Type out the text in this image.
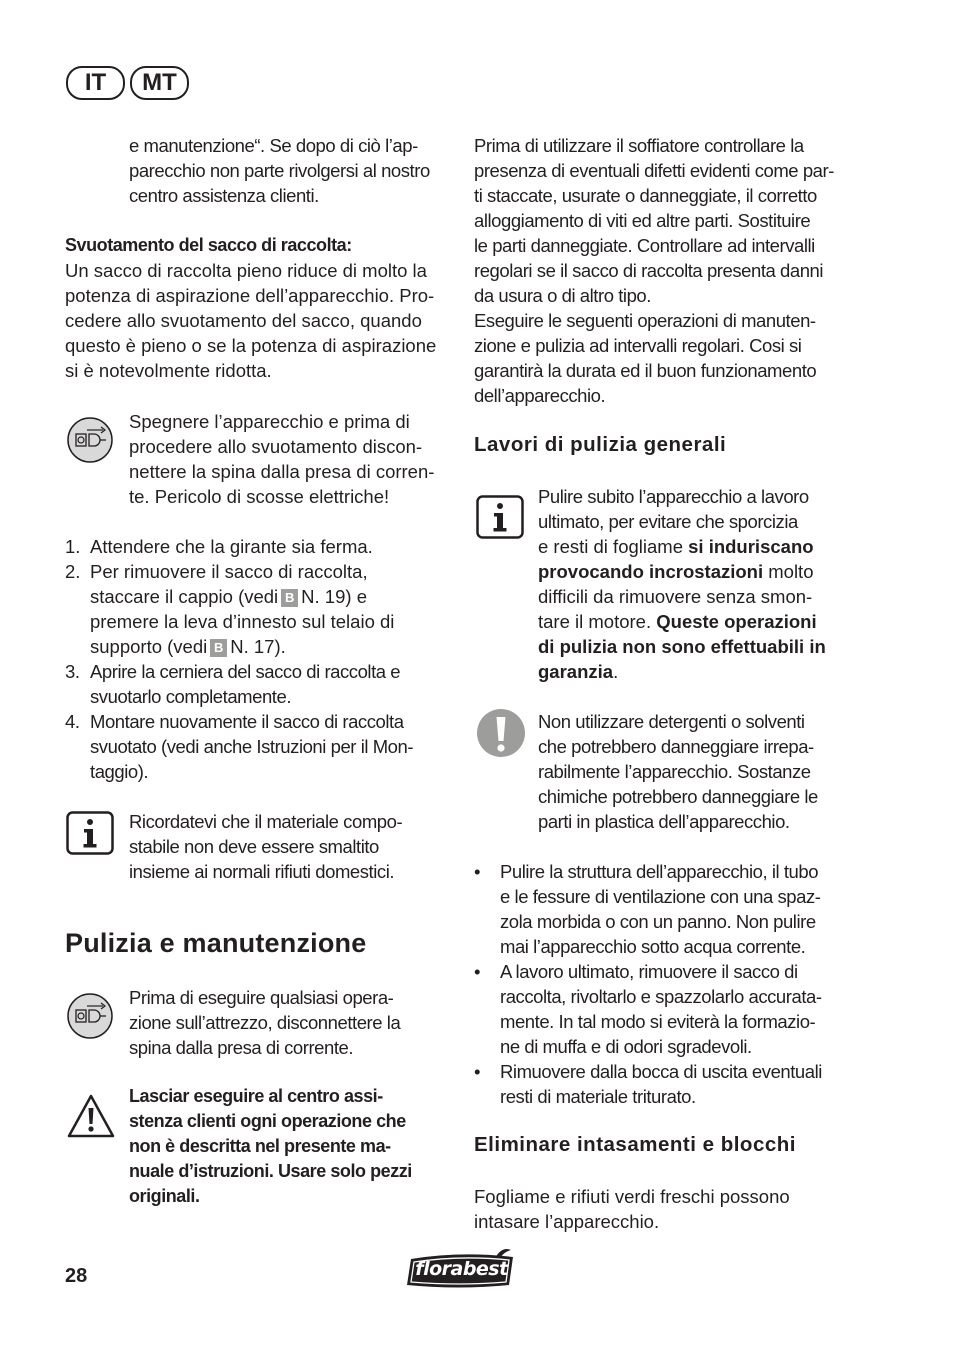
IT	MT
e manutenzione“. Se dopo di ciò l’ap-
parecchio non parte rivolgersi al nostro
centro assistenza clienti.
Svuotamento del sacco di raccolta:
Un sacco di raccolta pieno riduce di molto la
potenza di aspirazione dell’apparecchio. Pro-
cedere allo svuotamento del sacco, quando
questo è pieno o se la potenza di aspirazione
si è notevolmente ridotta.
Spegnere l’apparecchio e prima di
procedere allo svuotamento discon-
nettere la spina dalla presa di corren-
te. Pericolo di scosse elettriche!
1. Attendere che la girante sia ferma.
2. Per rimuovere il sacco di raccolta,
staccare il cappio (vedi B N. 19) e
premere la leva d’innesto sul telaio di
supporto (vedi B N. 17).
3. Aprire la cerniera del sacco di raccolta e
svuotarlo completamente.
4. Montare nuovamente il sacco di raccolta
svuotato (vedi anche Istruzioni per il Mon-
taggio).
Ricordatevi che il materiale compo-
stabile non deve essere smaltito
insieme ai normali rifiuti domestici.
Pulizia e manutenzione
Prima di eseguire qualsiasi opera-
zione sull’attrezzo, disconnettere la
spina dalla presa di corrente.
Lasciar eseguire al centro assi-
stenza clienti ogni operazione che
non è descritta nel presente ma-
nuale d’istruzioni. Usare solo pezzi
originali.
Prima di utilizzare il soffiatore controllare la
presenza di eventuali difetti evidenti come par-
ti staccate, usurate o danneggiate, il corretto
alloggiamento di viti ed altre parti. Sostituire
le parti danneggiate. Controllare ad intervalli
regolari se il sacco di raccolta presenta danni
da usura o di altro tipo.
Eseguire le seguenti operazioni di manuten-
zione e pulizia ad intervalli regolari. Cosi si
garantirà la durata ed il buon funzionamento
dell’apparecchio.
Lavori di pulizia generali
Pulire subito l’apparecchio a lavoro
ultimato, per evitare che sporcizia
e resti di fogliame si induriscano
provocando incrostazioni molto
difficili da rimuovere senza smon-
tare il motore. Queste operazioni
di pulizia non sono effettuabili in
garanzia.
Non utilizzare detergenti o solventi
che potrebbero danneggiare irrepa-
rabilmente l’apparecchio. Sostanze
chimiche potrebbero danneggiare le
parti in plastica dell’apparecchio.
• Pulire la struttura dell’apparecchio, il tubo
e le fessure di ventilazione con una spaz-
zola morbida o con un panno. Non pulire
mai l’apparecchio sotto acqua corrente.
• A lavoro ultimato, rimuovere il sacco di
raccolta, rivoltarlo e spazzolarlo accurata-
mente. In tal modo si eviterà la formazio-
ne di muffa e di odori sgradevoli.
• Rimuovere dalla bocca di uscita eventuali
resti di materiale triturato.
Eliminare intasamenti e blocchi
Fogliame e rifiuti verdi freschi possono
intasare l’apparecchio.
28	florabest
